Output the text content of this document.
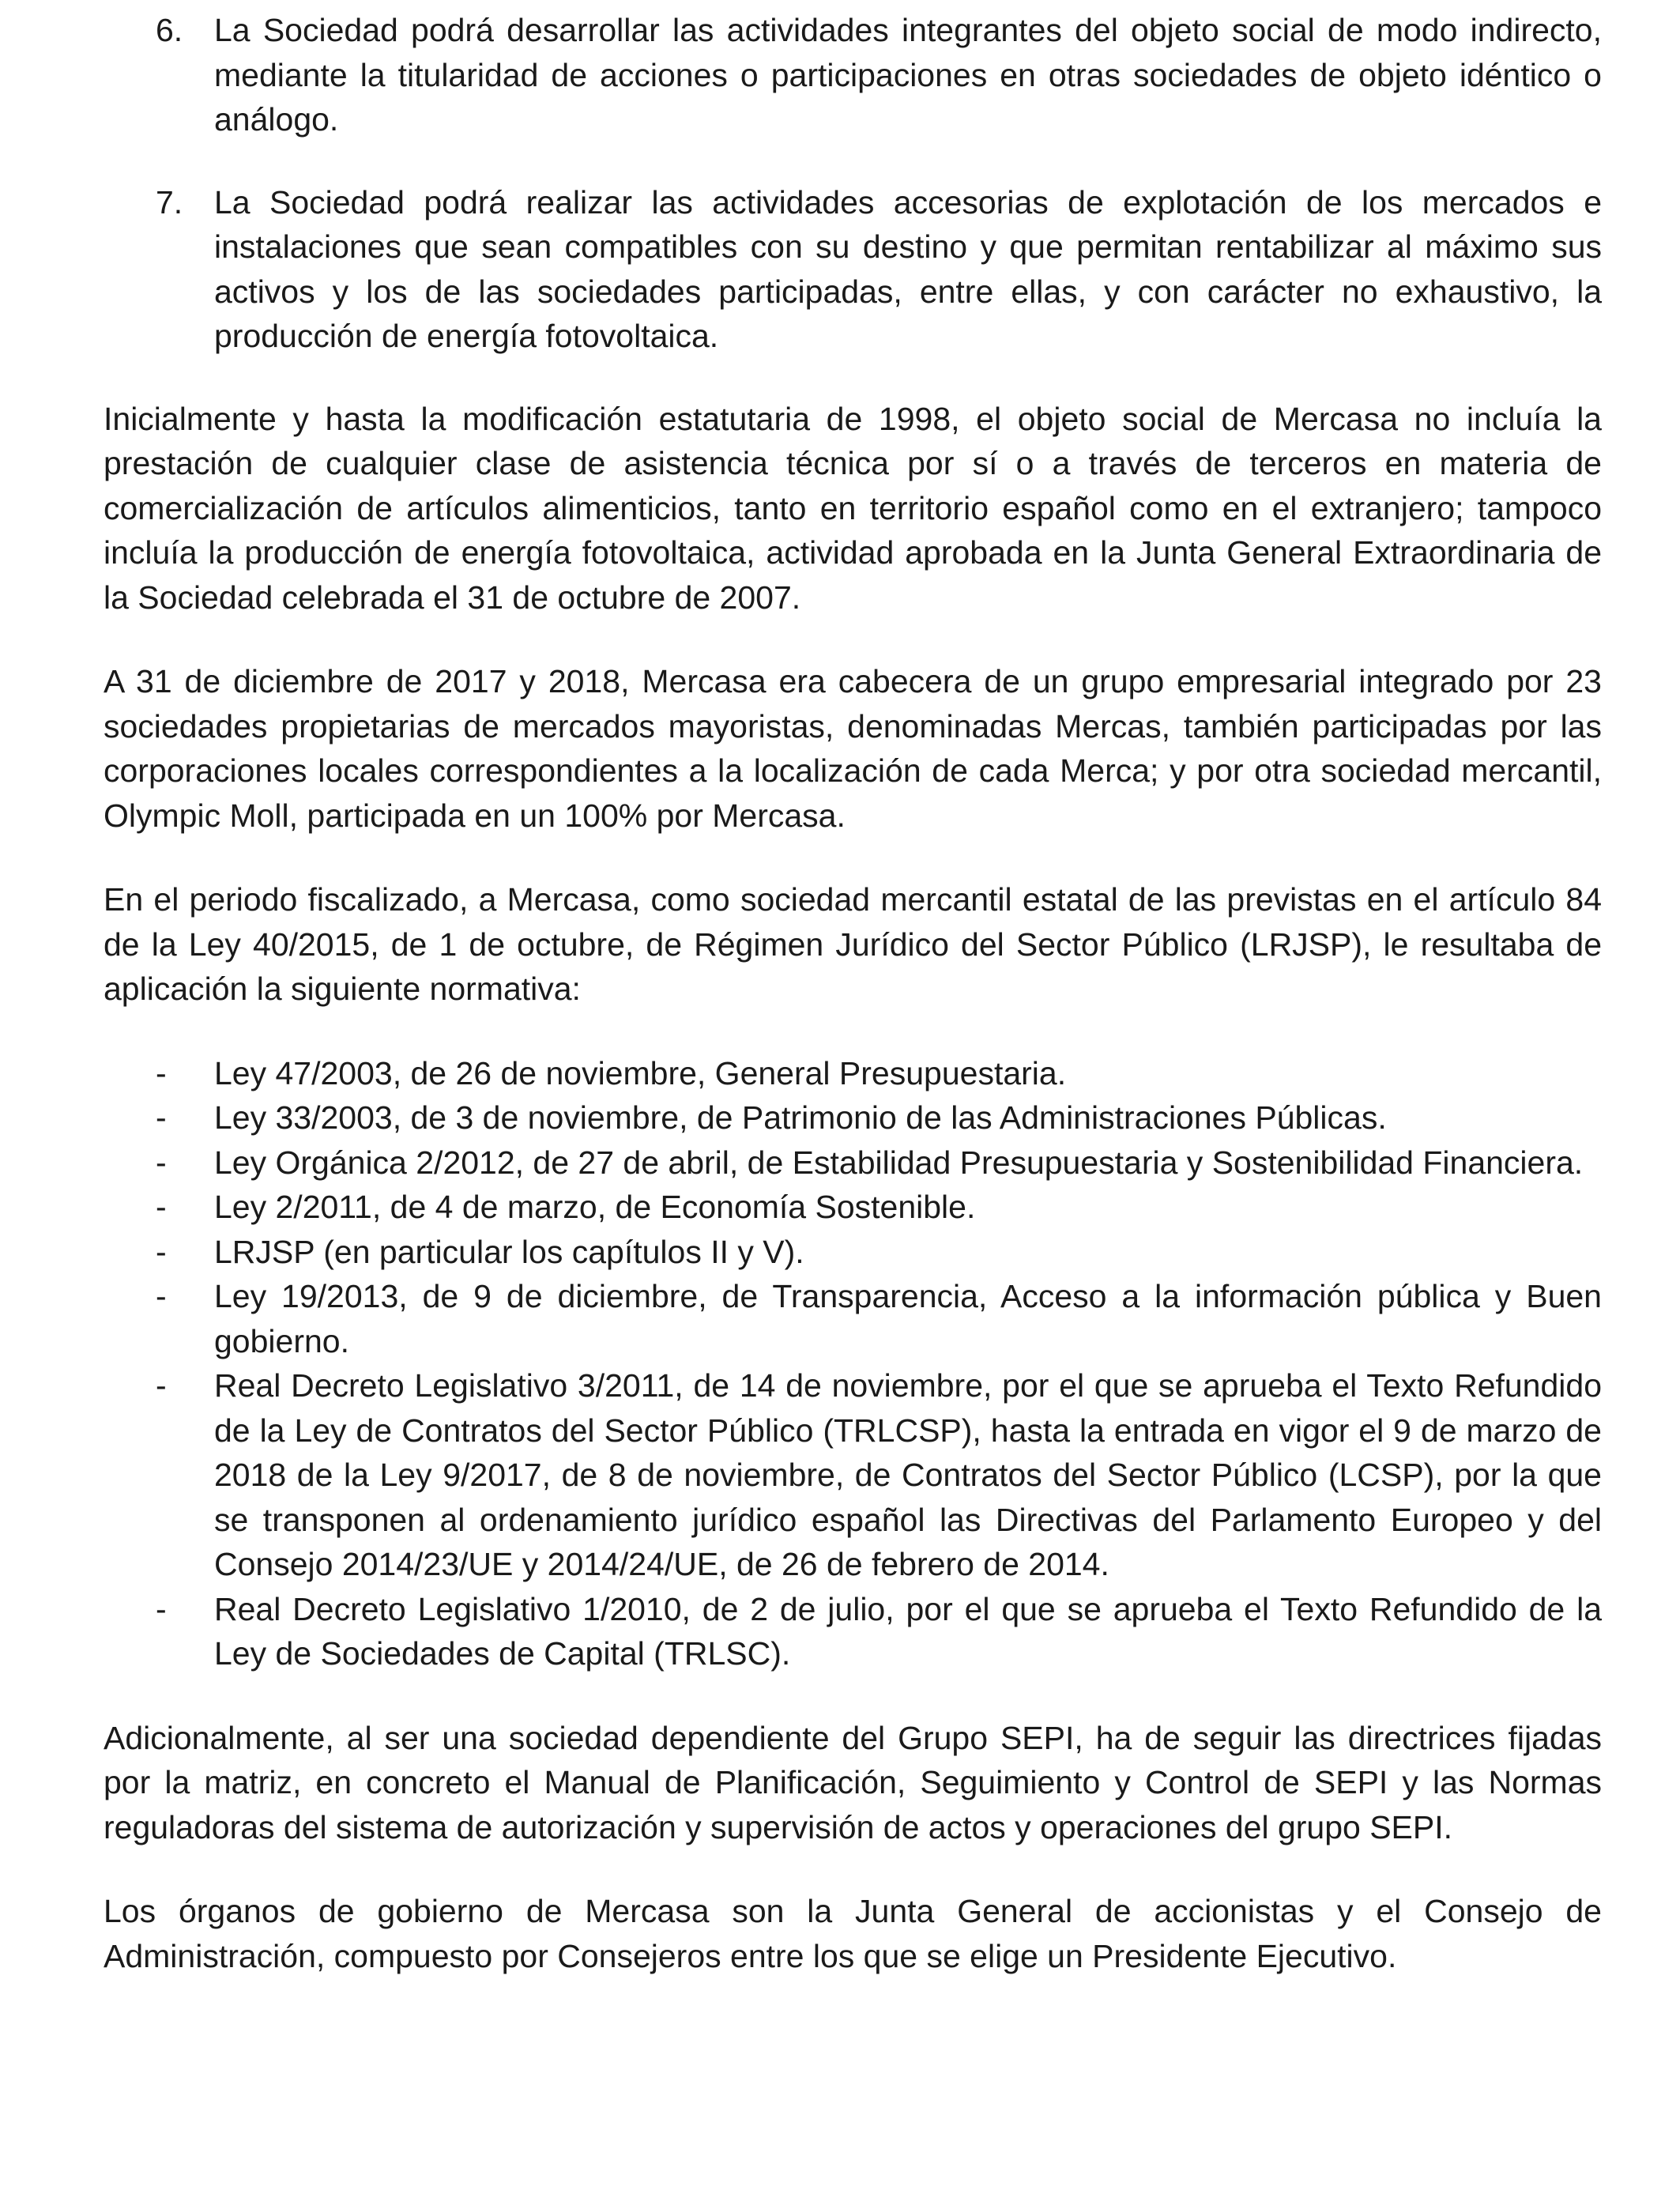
6. La Sociedad podrá desarrollar las actividades integrantes del objeto social de modo indirecto, mediante la titularidad de acciones o participaciones en otras sociedades de objeto idéntico o análogo.
7. La Sociedad podrá realizar las actividades accesorias de explotación de los mercados e instalaciones que sean compatibles con su destino y que permitan rentabilizar al máximo sus activos y los de las sociedades participadas, entre ellas, y con carácter no exhaustivo, la producción de energía fotovoltaica.

Inicialmente y hasta la modificación estatutaria de 1998, el objeto social de Mercasa no incluía la prestación de cualquier clase de asistencia técnica por sí o a través de terceros en materia de comercialización de artículos alimenticios, tanto en territorio español como en el extranjero; tampoco incluía la producción de energía fotovoltaica, actividad aprobada en la Junta General Extraordinaria de la Sociedad celebrada el 31 de octubre de 2007.

A 31 de diciembre de 2017 y 2018, Mercasa era cabecera de un grupo empresarial integrado por 23 sociedades propietarias de mercados mayoristas, denominadas Mercas, también participadas por las corporaciones locales correspondientes a la localización de cada Merca; y por otra sociedad mercantil, Olympic Moll, participada en un 100% por Mercasa.

En el periodo fiscalizado, a Mercasa, como sociedad mercantil estatal de las previstas en el artículo 84 de la Ley 40/2015, de 1 de octubre, de Régimen Jurídico del Sector Público (LRJSP), le resultaba de aplicación la siguiente normativa:

- Ley 47/2003, de 26 de noviembre, General Presupuestaria.
- Ley 33/2003, de 3 de noviembre, de Patrimonio de las Administraciones Públicas.
- Ley Orgánica 2/2012, de 27 de abril, de Estabilidad Presupuestaria y Sostenibilidad Financiera.
- Ley 2/2011, de 4 de marzo, de Economía Sostenible.
- LRJSP (en particular los capítulos II y V).
- Ley 19/2013, de 9 de diciembre, de Transparencia, Acceso a la información pública y Buen gobierno.
- Real Decreto Legislativo 3/2011, de 14 de noviembre, por el que se aprueba el Texto Refundido de la Ley de Contratos del Sector Público (TRLCSP), hasta la entrada en vigor el 9 de marzo de 2018 de la Ley 9/2017, de 8 de noviembre, de Contratos del Sector Público (LCSP), por la que se transponen al ordenamiento jurídico español las Directivas del Parlamento Europeo y del Consejo 2014/23/UE y 2014/24/UE, de 26 de febrero de 2014.
- Real Decreto Legislativo 1/2010, de 2 de julio, por el que se aprueba el Texto Refundido de la Ley de Sociedades de Capital (TRLSC).

Adicionalmente, al ser una sociedad dependiente del Grupo SEPI, ha de seguir las directrices fijadas por la matriz, en concreto el Manual de Planificación, Seguimiento y Control de SEPI y las Normas reguladoras del sistema de autorización y supervisión de actos y operaciones del grupo SEPI.

Los órganos de gobierno de Mercasa son la Junta General de accionistas y el Consejo de Administración, compuesto por Consejeros entre los que se elige un Presidente Ejecutivo.
